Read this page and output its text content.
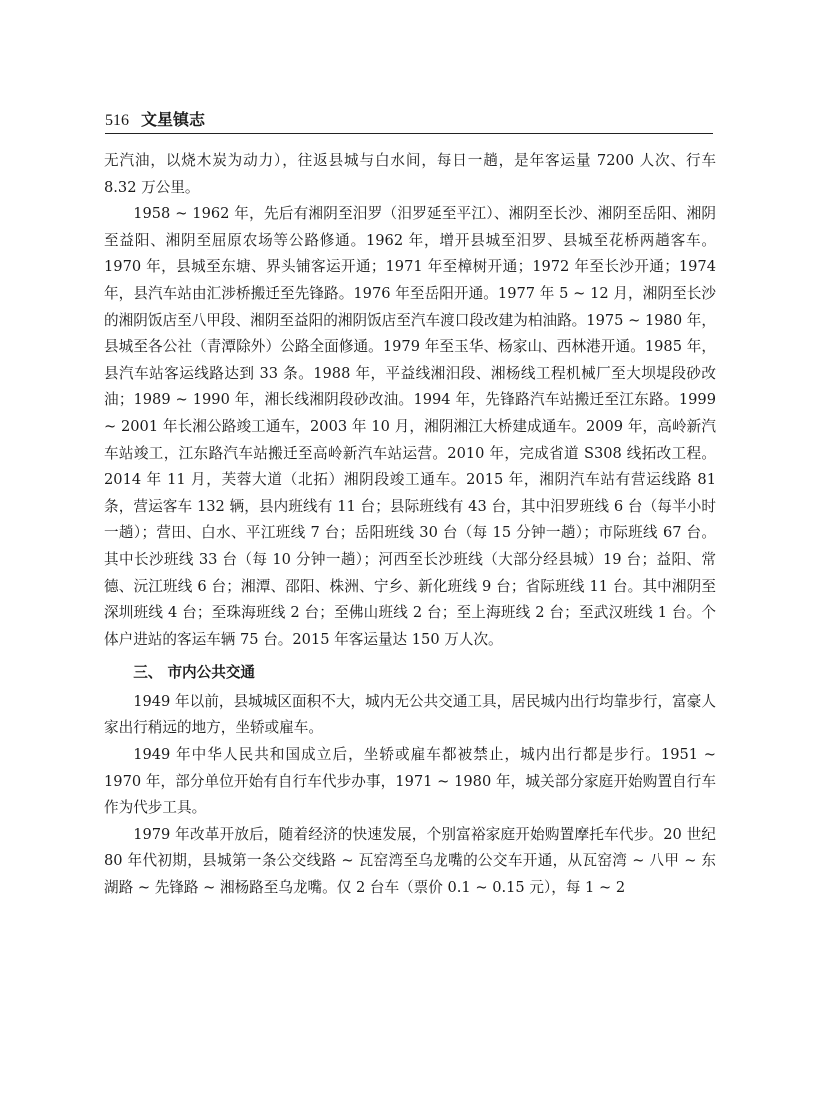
516 文星镇志

无汽油，以烧木炭为动力），往返县城与白水间，每日一趟，是年客运量 7200 人次、行车 8.32 万公里。

1958 ~ 1962 年，先后有湘阴至汨罗（汨罗延至平江）、湘阴至长沙、湘阴至岳阳、湘阴至益阳、湘阴至屈原农场等公路修通。1962 年，增开县城至汨罗、县城至花桥两趟客车。1970 年，县城至东塘、界头铺客运开通；1971 年至樟树开通；1972 年至长沙开通；1974 年，县汽车站由汇涉桥搬迁至先锋路。1976 年至岳阳开通。1977 年 5 ~ 12 月，湘阴至长沙的湘阴饭店至八甲段、湘阴至益阳的湘阴饭店至汽车渡口段改建为柏油路。1975 ~ 1980 年，县城至各公社（青潭除外）公路全面修通。1979 年至玉华、杨家山、西林港开通。1985 年，县汽车站客运线路达到 33 条。1988 年，平益线湘汨段、湘杨线工程机械厂至大坝堤段砂改油；1989 ~ 1990 年，湘长线湘阴段砂改油。1994 年，先锋路汽车站搬迁至江东路。1999 ~ 2001 年长湘公路竣工通车，2003 年 10 月，湘阴湘江大桥建成通车。2009 年，高岭新汽车站竣工，江东路汽车站搬迁至高岭新汽车站运营。2010 年，完成省道 S308 线拓改工程。2014 年 11 月，芙蓉大道（北拓）湘阴段竣工通车。2015 年，湘阴汽车站有营运线路 81 条，营运客车 132 辆，县内班线有 11 台；县际班线有 43 台，其中汨罗班线 6 台（每半小时一趟）；营田、白水、平江班线 7 台；岳阳班线 30 台（每 15 分钟一趟）；市际班线 67 台。其中长沙班线 33 台（每 10 分钟一趟）；河西至长沙班线（大部分经县城）19 台；益阳、常德、沅江班线 6 台；湘潭、邵阳、株洲、宁乡、新化班线 9 台；省际班线 11 台。其中湘阴至深圳班线 4 台；至珠海班线 2 台；至佛山班线 2 台；至上海班线 2 台；至武汉班线 1 台。个体户进站的客运车辆 75 台。2015 年客运量达 150 万人次。

三、 市内公共交通

1949 年以前，县城城区面积不大，城内无公共交通工具，居民城内出行均靠步行，富豪人家出行稍远的地方，坐轿或雇车。

1949 年中华人民共和国成立后，坐轿或雇车都被禁止，城内出行都是步行。1951 ~ 1970 年，部分单位开始有自行车代步办事，1971 ~ 1980 年，城关部分家庭开始购置自行车作为代步工具。

1979 年改革开放后，随着经济的快速发展，个别富裕家庭开始购置摩托车代步。20 世纪 80 年代初期，县城第一条公交线路 ~ 瓦窑湾至乌龙嘴的公交车开通，从瓦窑湾 ~ 八甲 ~ 东湖路 ~ 先锋路 ~ 湘杨路至乌龙嘴。仅 2 台车（票价 0.1 ~ 0.15 元），每 1 ~ 2
